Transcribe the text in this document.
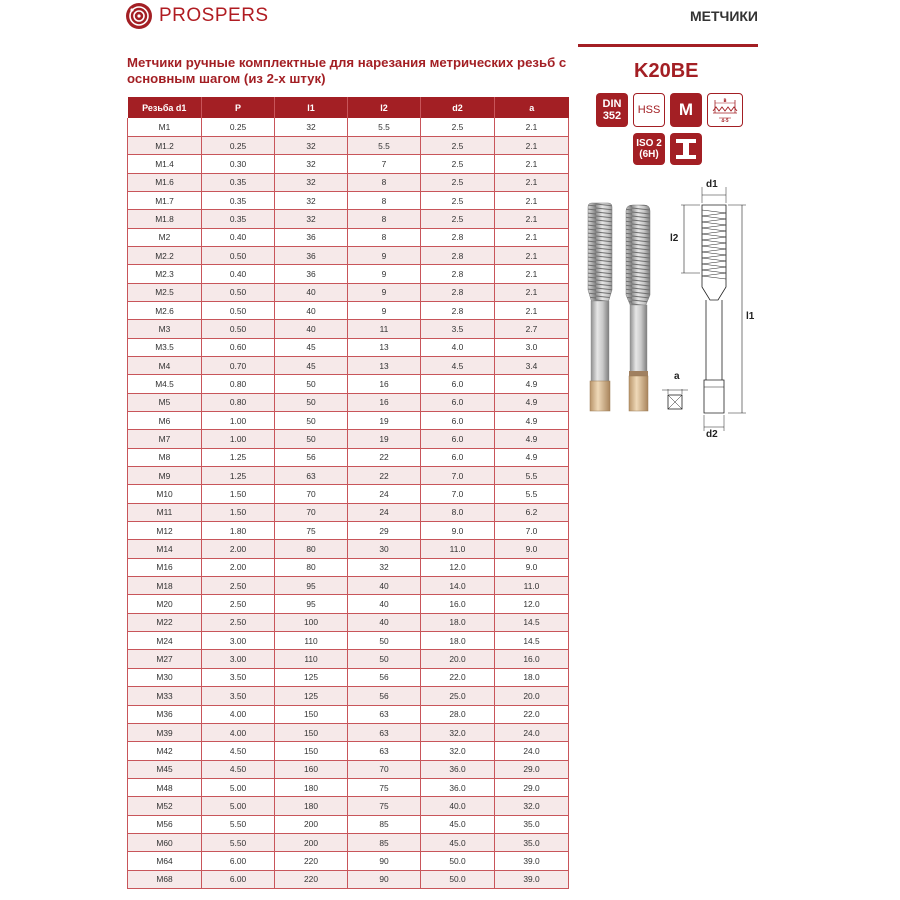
PROSPERS	МЕТЧИКИ
Метчики ручные комплектные для нарезания метрических резьб с основным шагом (из 2-х штук)
Резьба d1	P	l1	l2	d2	a
M1	0.25	32	5.5	2.5	2.1
M1.2	0.25	32	5.5	2.5	2.1
M1.4	0.30	32	7	2.5	2.1
M1.6	0.35	32	8	2.5	2.1
M1.7	0.35	32	8	2.5	2.1
M1.8	0.35	32	8	2.5	2.1
M2	0.40	36	8	2.8	2.1
M2.2	0.50	36	9	2.8	2.1
M2.3	0.40	36	9	2.8	2.1
M2.5	0.50	40	9	2.8	2.1
M2.6	0.50	40	9	2.8	2.1
M3	0.50	40	11	3.5	2.7
M3.5	0.60	45	13	4.0	3.0
M4	0.70	45	13	4.5	3.4
M4.5	0.80	50	16	6.0	4.9
M5	0.80	50	16	6.0	4.9
M6	1.00	50	19	6.0	4.9
M7	1.00	50	19	6.0	4.9
M8	1.25	56	22	6.0	4.9
M9	1.25	63	22	7.0	5.5
M10	1.50	70	24	7.0	5.5
M11	1.50	70	24	8.0	6.2
M12	1.80	75	29	9.0	7.0
M14	2.00	80	30	11.0	9.0
M16	2.00	80	32	12.0	9.0
M18	2.50	95	40	14.0	11.0
M20	2.50	95	40	16.0	12.0
M22	2.50	100	40	18.0	14.5
M24	3.00	110	50	18.0	14.5
M27	3.00	110	50	20.0	16.0
M30	3.50	125	56	22.0	18.0
M33	3.50	125	56	25.0	20.0
M36	4.00	150	63	28.0	22.0
M39	4.00	150	63	32.0	24.0
M42	4.50	150	63	32.0	24.0
M45	4.50	160	70	36.0	29.0
M48	5.00	180	75	36.0	29.0
M52	5.00	180	75	40.0	32.0
M56	5.50	200	85	45.0	35.0
M60	5.50	200	85	45.0	35.0
M64	6.00	220	90	50.0	39.0
M68	6.00	220	90	50.0	39.0
K20BE
DIN
352	HSS	M	B
4-5
ISO 2
(6H)
d1
l2
l1
a
d2
